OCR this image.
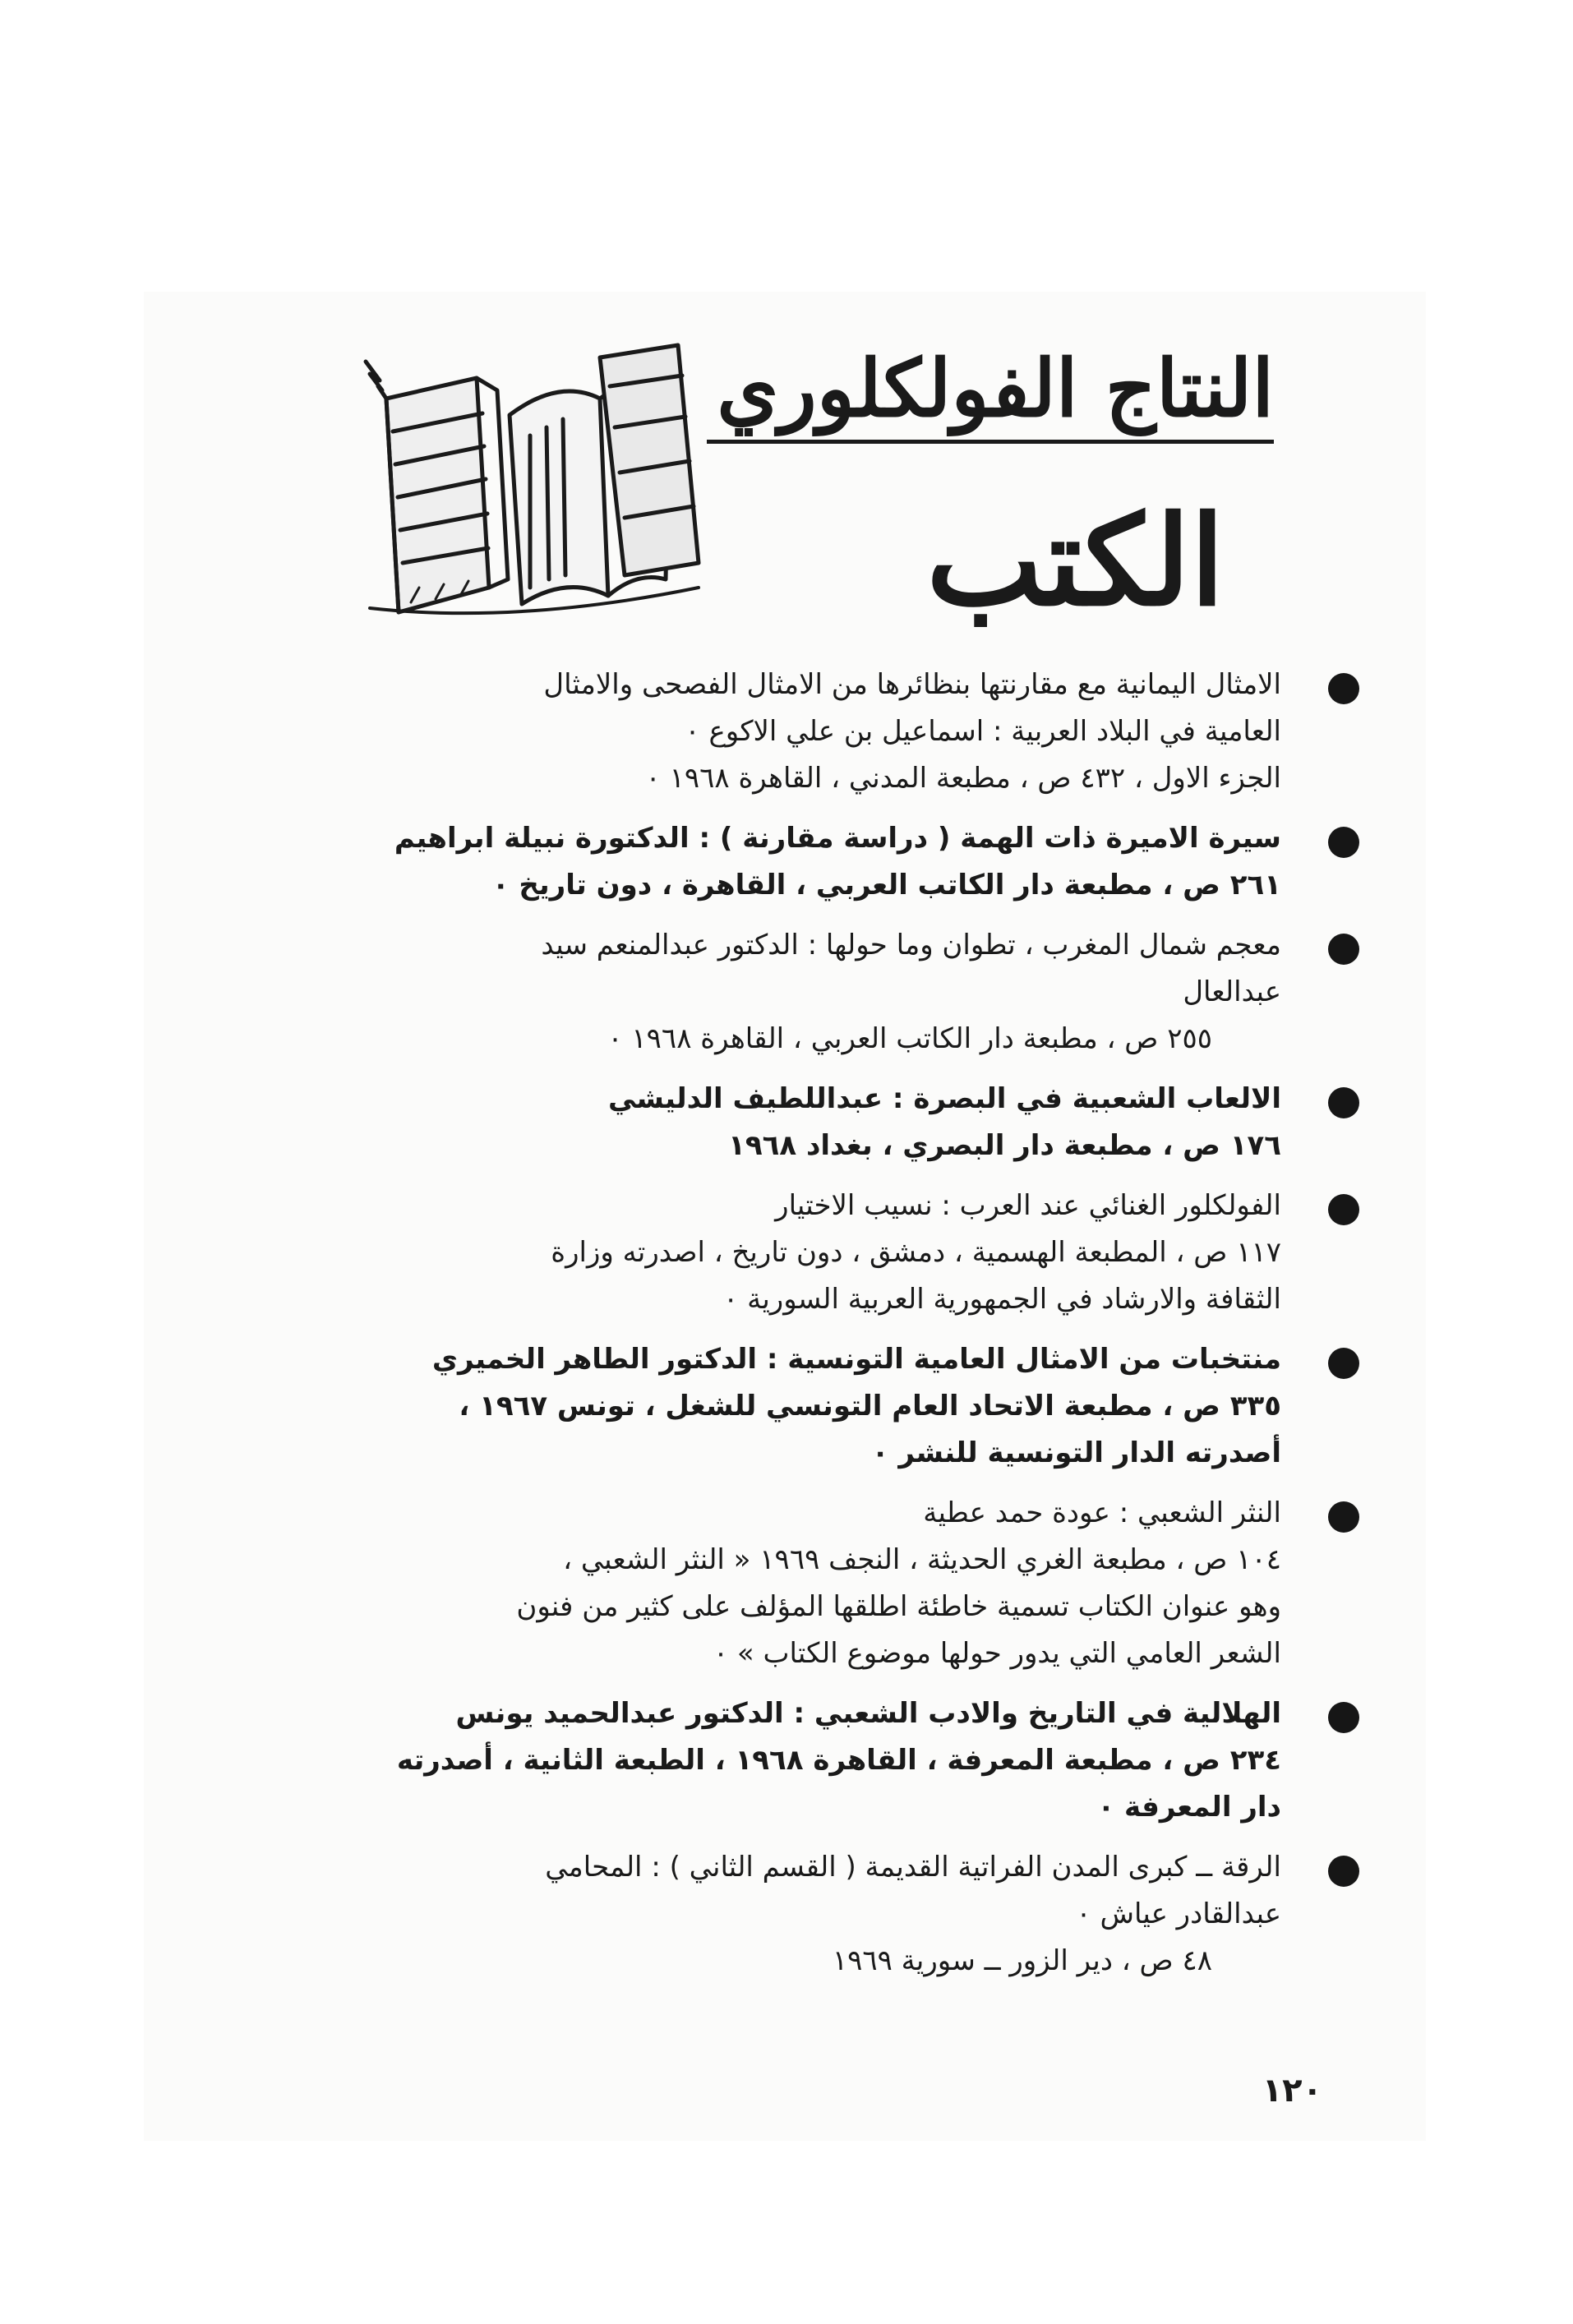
النتاج الفولكلوري
الكتب
الامثال اليمانية مع مقارنتها بنظائرها من الامثال الفصحى والامثال
العامية في البلاد العربية : اسماعيل بن علي الاكوع ٠
الجزء الاول ، ٤٣٢ ص ، مطبعة المدني ، القاهرة ١٩٦٨ ٠
سيرة الاميرة ذات الهمة ( دراسة مقارنة ) : الدكتورة نبيلة ابراهيم
٢٦١ ص ، مطبعة دار الكاتب العربي ، القاهرة ، دون تاريخ ٠
معجم شمال المغرب ، تطوان وما حولها : الدكتور عبدالمنعم سيد
عبدالعال
٢٥٥ ص ، مطبعة دار الكاتب العربي ، القاهرة ١٩٦٨ ٠
الالعاب الشعبية في البصرة : عبداللطيف الدليشي
١٧٦ ص ، مطبعة دار البصري ، بغداد ١٩٦٨
الفولكلور الغنائي عند العرب : نسيب الاختيار
١١٧ ص ، المطبعة الهسمية ، دمشق ، دون تاريخ ، اصدرته وزارة
الثقافة والارشاد في الجمهورية العربية السورية ٠
منتخبات من الامثال العامية التونسية : الدكتور الطاهر الخميري
٣٣٥ ص ، مطبعة الاتحاد العام التونسي للشغل ، تونس ١٩٦٧ ،
أصدرته الدار التونسية للنشر ٠
النثر الشعبي : عودة حمد عطية
١٠٤ ص ، مطبعة الغري الحديثة ، النجف ١٩٦٩ « النثر الشعبي ،
وهو عنوان الكتاب تسمية خاطئة اطلقها المؤلف على كثير من فنون
الشعر العامي التي يدور حولها موضوع الكتاب » ٠
الهلالية في التاريخ والادب الشعبي : الدكتور عبدالحميد يونس
٢٣٤ ص ، مطبعة المعرفة ، القاهرة ١٩٦٨ ، الطبعة الثانية ، أصدرته
دار المعرفة ٠
الرقة ــ كبرى المدن الفراتية القديمة ( القسم الثاني ) : المحامي
عبدالقادر عياش ٠
٤٨ ص ، دير الزور ــ سورية ١٩٦٩
١٢٠
